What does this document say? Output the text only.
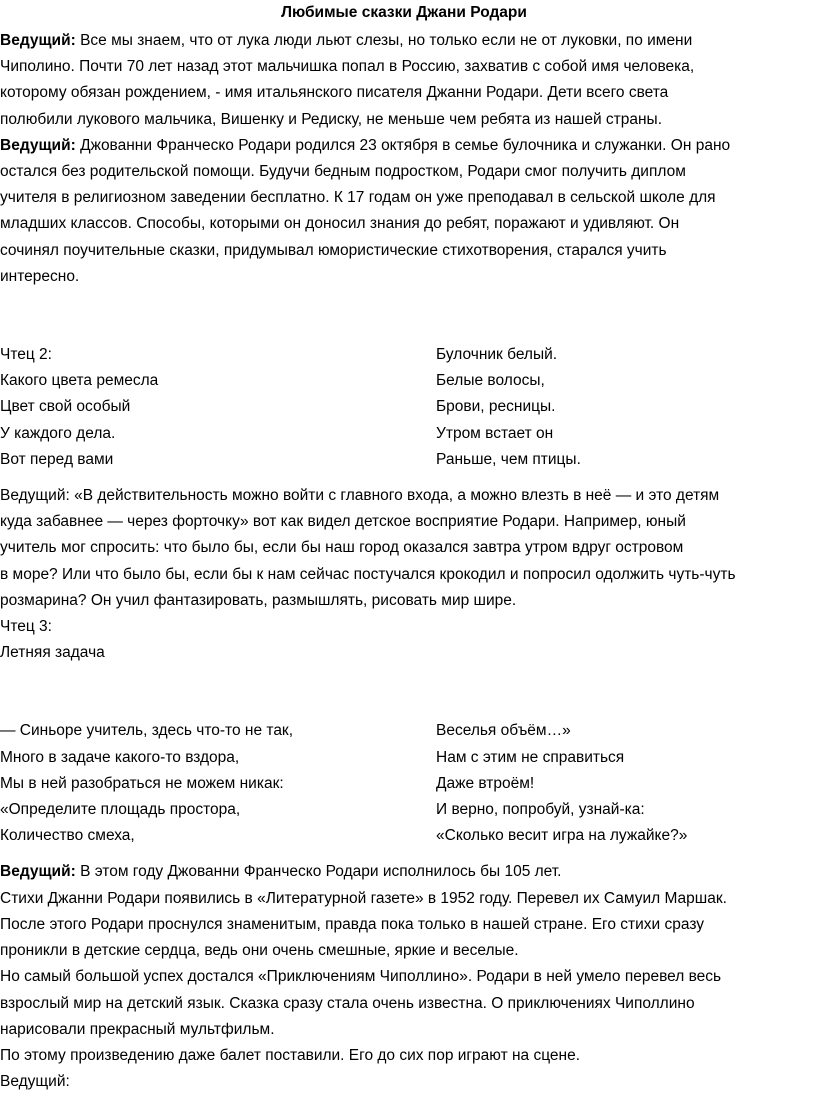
Любимые сказки Джани Родари
Ведущий: Все мы знаем, что от лука люди льют слезы, но только если не от луковки, по имени
Чиполино. Почти 70 лет назад этот мальчишка попал в Россию, захватив с собой имя человека,
которому обязан рождением, - имя итальянского писателя Джанни Родари. Дети всего света
полюбили лукового мальчика, Вишенку и Редиску, не меньше чем ребята из нашей страны.
Ведущий: Джованни Франческо Родари родился 23 октября в семье булочника и служанки. Он рано
остался без родительской помощи. Будучи бедным подростком, Родари смог получить диплом
учителя в религиозном заведении бесплатно. К 17 годам он уже преподавал в сельской школе для
младших классов. Способы, которыми он доносил знания до ребят, поражают и удивляют. Он
сочинял поучительные сказки, придумывал юмористические стихотворения, старался учить
интересно.
Чтец 2:
Какого цвета ремесла
Цвет свой особый
У каждого дела.
Вот перед вами
Булочник белый.
Белые волосы,
Брови, ресницы.
Утром встает он
Раньше, чем птицы.
Ведущий: «В действительность можно войти с главного входа, а можно влезть в неё — и это детям
куда забавнее — через форточку» вот как видел детское восприятие Родари. Например, юный
учитель мог спросить: что было бы, если бы наш город оказался завтра утром вдруг островом
в море? Или что было бы, если бы к нам сейчас постучался крокодил и попросил одолжить чуть-чуть
розмарина? Он учил фантазировать, размышлять, рисовать мир шире.
Чтец 3:
Летняя задача
— Синьоре учитель, здесь что-то не так,
Много в задаче какого-то вздора,
Мы в ней разобраться не можем никак:
«Определите площадь простора,
Количество смеха,
Веселья объём…»
Нам с этим не справиться
Даже втроём!
И верно, попробуй, узнай-ка:
«Сколько весит игра на лужайке?»
Ведущий: В этом году Джованни Франческо Родари исполнилось бы 105 лет.
Стихи Джанни Родари появились в «Литературной газете» в 1952 году. Перевел их Самуил Маршак.
После этого Родари проснулся знаменитым, правда пока только в нашей стране. Его стихи сразу
проникли в детские сердца, ведь они очень смешные, яркие и веселые.
Но самый большой успех достался «Приключениям Чиполлино». Родари в ней умело перевел весь
взрослый мир на детский язык. Сказка сразу стала очень известна. О приключениях Чиполлино
нарисовали прекрасный мультфильм.
По этому произведению даже балет поставили. Его до сих пор играют на сцене.
Ведущий:
